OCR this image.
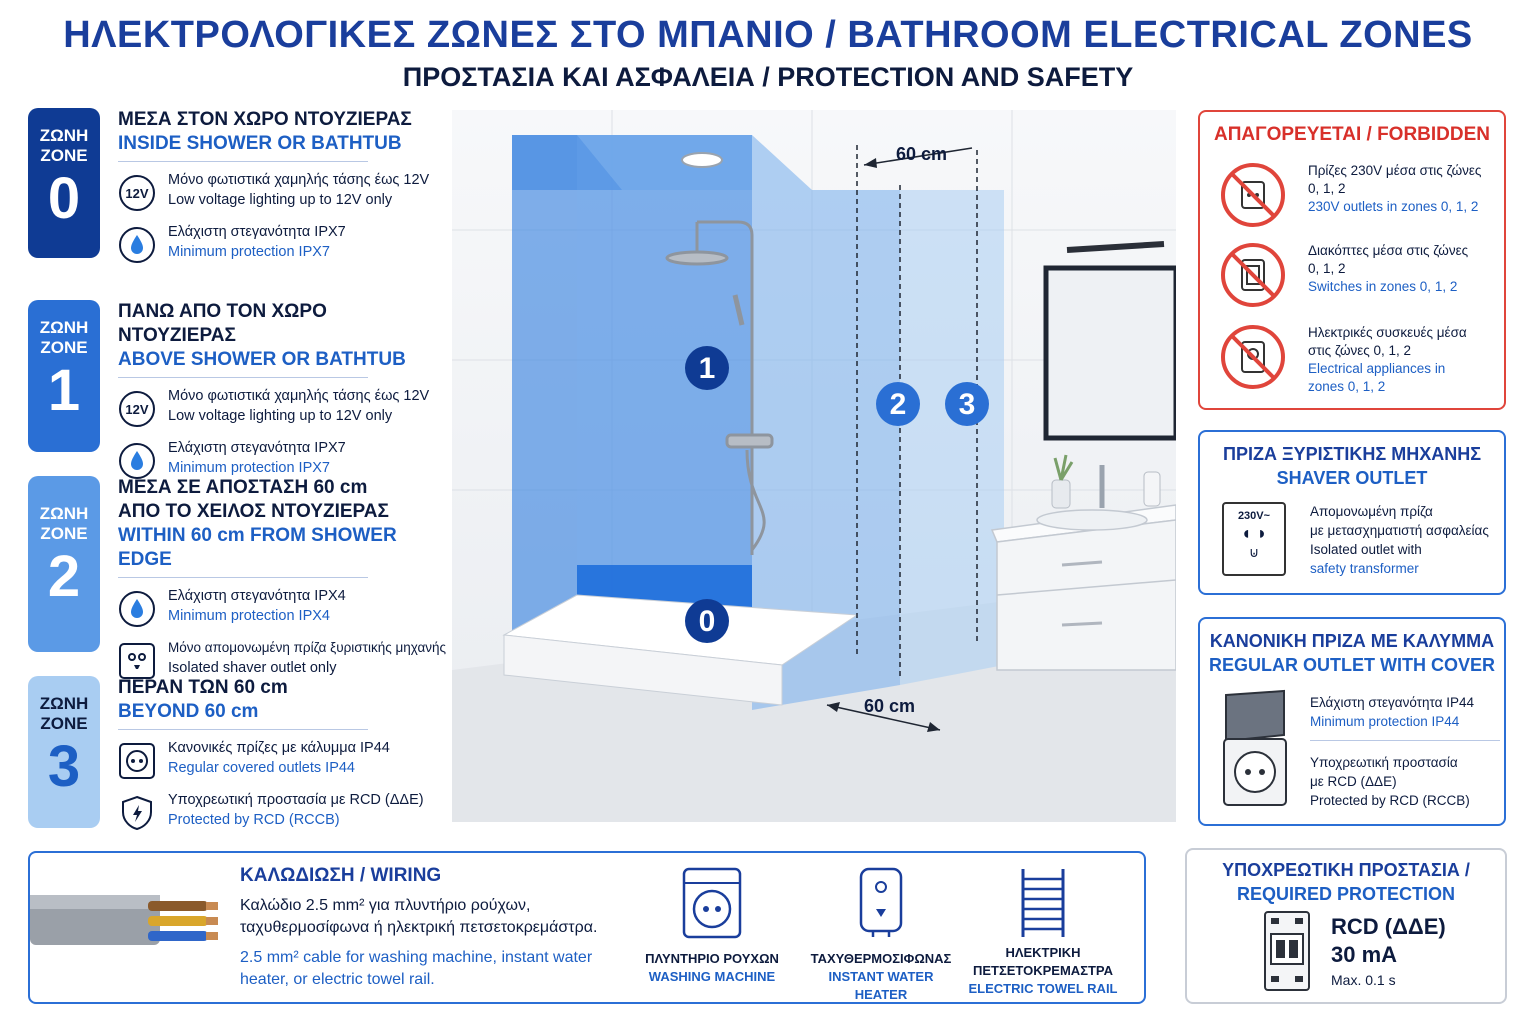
ΗΛΕΚΤΡΟΛΟΓΙΚΕΣ ΖΩΝΕΣ ΣΤΟ ΜΠΑΝΙΟ / BATHROOM ELECTRICAL ZONES
ΠΡΟΣΤΑΣΙΑ ΚΑΙ ΑΣΦΑΛΕΙΑ / PROTECTION AND SAFETY
ΖΩΝΗ
ZONE
0
ΜΕΣΑ ΣΤΟΝ ΧΩΡΟ ΝΤΟΥΖΙΕΡΑΣ
INSIDE SHOWER OR BATHTUB
12V
Μόνο φωτιστικά χαμηλής τάσης έως 12V
Low voltage lighting up to 12V only
Ελάχιστη στεγανότητα IPX7
Minimum protection IPX7
ΖΩΝΗ
ZONE
1
ΠΑΝΩ ΑΠΟ ΤΟΝ ΧΩΡΟ ΝΤΟΥΖΙΕΡΑΣ
ABOVE SHOWER OR BATHTUB
12V
Μόνο φωτιστικά χαμηλής τάσης έως 12V
Low voltage lighting up to 12V only
Ελάχιστη στεγανότητα IPX7
Minimum protection IPX7
ΖΩΝΗ
ZONE
2
ΜΕΣΑ ΣΕ ΑΠΟΣΤΑΣΗ 60 cm
ΑΠΟ ΤΟ ΧΕΙΛΟΣ ΝΤΟΥΖΙΕΡΑΣ
WITHIN 60 cm FROM SHOWER EDGE
Ελάχιστη στεγανότητα IPX4
Minimum protection IPX4
Μόνο απομονωμένη πρίζα ξυριστικής μηχανής
Isolated shaver outlet only
ΖΩΝΗ
ZONE
3
ΠΕΡΑΝ ΤΩΝ 60 cm
BEYOND 60 cm
Κανονικές πρίζες με κάλυμμα IP44
Regular covered outlets IP44
Υποχρεωτική προστασία με RCD (ΔΔΕ)
Protected by RCD (RCCB)
60 cm
60 cm
1
2 3
0
ΑΠΑΓΟΡΕΥΕΤΑΙ / FORBIDDEN
Πρίζες 230V μέσα στις ζώνες
0, 1, 2
230V outlets in zones 0, 1, 2
Διακόπτες μέσα στις ζώνες
0, 1, 2
Switches in zones 0, 1, 2
Ηλεκτρικές συσκευές μέσα
στις ζώνες 0, 1, 2
Electrical appliances in
zones 0, 1, 2
ΠΡΙΖΑ ΞΥΡΙΣΤΙΚΗΣ ΜΗΧΑΝΗΣ
SHAVER OUTLET
230V~
◖ ◗
⊍
Απομονωμένη πρίζα
με μετασχηματιστή ασφαλείας
Isolated outlet with
safety transformer
ΚΑΝΟΝΙΚΗ ΠΡΙΖΑ ΜΕ ΚΑΛΥΜΜΑ
REGULAR OUTLET WITH COVER
Ελάχιστη στεγανότητα IP44
Minimum protection IP44
Υποχρεωτική προστασία
με RCD (ΔΔΕ)
Protected by RCD (RCCB)
ΥΠΟΧΡΕΩΤΙΚΗ ΠΡΟΣΤΑΣΙΑ /
REQUIRED PROTECTION
RCD (ΔΔΕ)
30 mA
Max. 0.1 s
ΚΑΛΩΔΙΩΣΗ / WIRING
Καλώδιο 2.5 mm² για πλυντήριο ρούχων, ταχυθερμοσίφωνα ή ηλεκτρική πετσετοκρεμάστρα.
2.5 mm² cable for washing machine, instant water heater, or electric towel rail.
ΠΛΥΝΤΗΡΙΟ ΡΟΥΧΩΝ
WASHING MACHINE
ΤΑΧΥΘΕΡΜΟΣΙΦΩΝΑΣ
INSTANT WATER HEATER
ΗΛΕΚΤΡΙΚΗ
ΠΕΤΣΕΤΟΚΡΕΜΑΣΤΡΑ
ELECTRIC TOWEL RAIL
